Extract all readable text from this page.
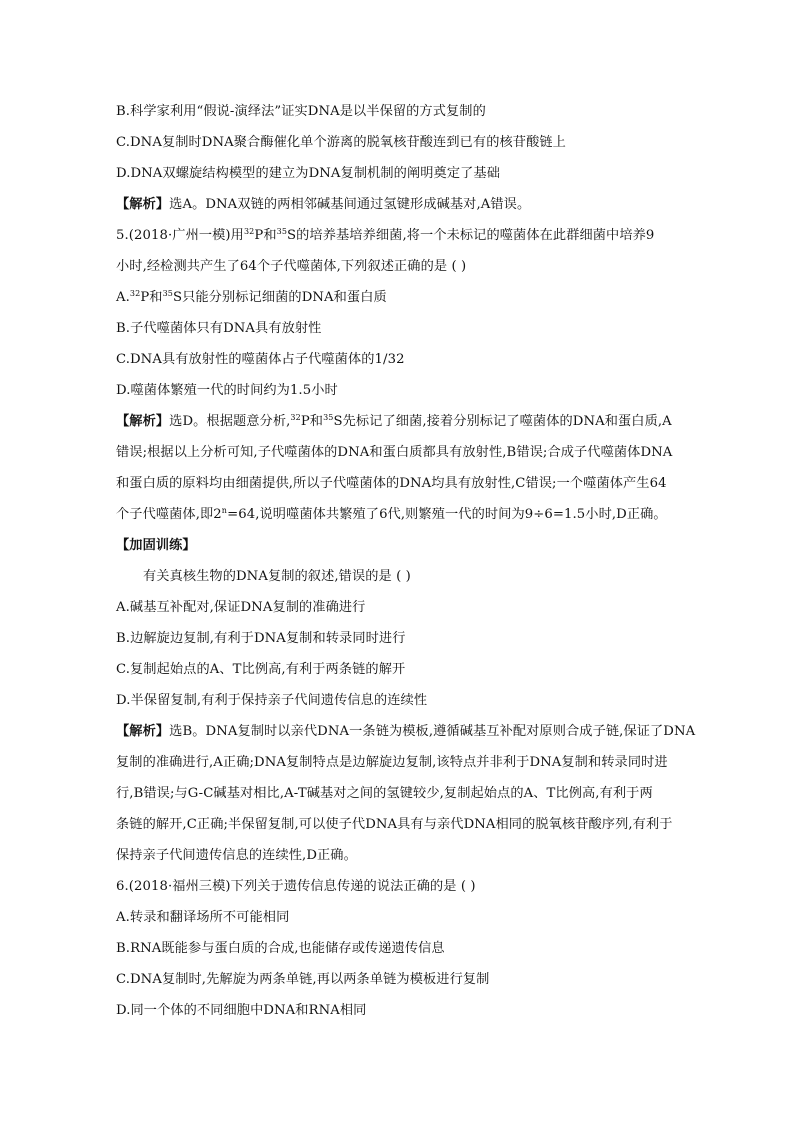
B.科学家利用“假说-演绎法”证实DNA是以半保留的方式复制的
C.DNA复制时DNA聚合酶催化单个游离的脱氧核苷酸连到已有的核苷酸链上
D.DNA双螺旋结构模型的建立为DNA复制机制的阐明奠定了基础
【解析】选A。DNA双链的两相邻碱基间通过氢键形成碱基对,A错误。
5.(2018·广州一模)用$^{32}$P和$^{35}$S的培养基培养细菌,将一个未标记的噬菌体在此群细菌中培养9
小时,经检测共产生了64个子代噬菌体,下列叙述正确的是 ( )
A.$^{32}$P和$^{35}$S只能分别标记细菌的DNA和蛋白质
B.子代噬菌体只有DNA具有放射性
C.DNA具有放射性的噬菌体占子代噬菌体的1/32
D.噬菌体繁殖一代的时间约为1.5小时
【解析】选D。根据题意分析,$^{32}$P和$^{35}$S先标记了细菌,接着分别标记了噬菌体的DNA和蛋白质,A
错误;根据以上分析可知,子代噬菌体的DNA和蛋白质都具有放射性,B错误;合成子代噬菌体DNA
和蛋白质的原料均由细菌提供,所以子代噬菌体的DNA均具有放射性,C错误;一个噬菌体产生64
个子代噬菌体,即$2^n=64$,说明噬菌体共繁殖了6代,则繁殖一代的时间为9÷6=1.5小时,D正确。
【加固训练】
有关真核生物的DNA复制的叙述,错误的是 ( )
A.碱基互补配对,保证DNA复制的准确进行
B.边解旋边复制,有利于DNA复制和转录同时进行
C.复制起始点的A、T比例高,有利于两条链的解开
D.半保留复制,有利于保持亲子代间遗传信息的连续性
【解析】选B。DNA复制时以亲代DNA一条链为模板,遵循碱基互补配对原则合成子链,保证了DNA
复制的准确进行,A正确;DNA复制特点是边解旋边复制,该特点并非利于DNA复制和转录同时进
行,B错误;与G-C碱基对相比,A-T碱基对之间的氢键较少,复制起始点的A、T比例高,有利于两
条链的解开,C正确;半保留复制,可以使子代DNA具有与亲代DNA相同的脱氧核苷酸序列,有利于
保持亲子代间遗传信息的连续性,D正确。
6.(2018·福州三模)下列关于遗传信息传递的说法正确的是 ( )
A.转录和翻译场所不可能相同
B.RNA既能参与蛋白质的合成,也能储存或传递遗传信息
C.DNA复制时,先解旋为两条单链,再以两条单链为模板进行复制
D.同一个体的不同细胞中DNA和RNA相同
